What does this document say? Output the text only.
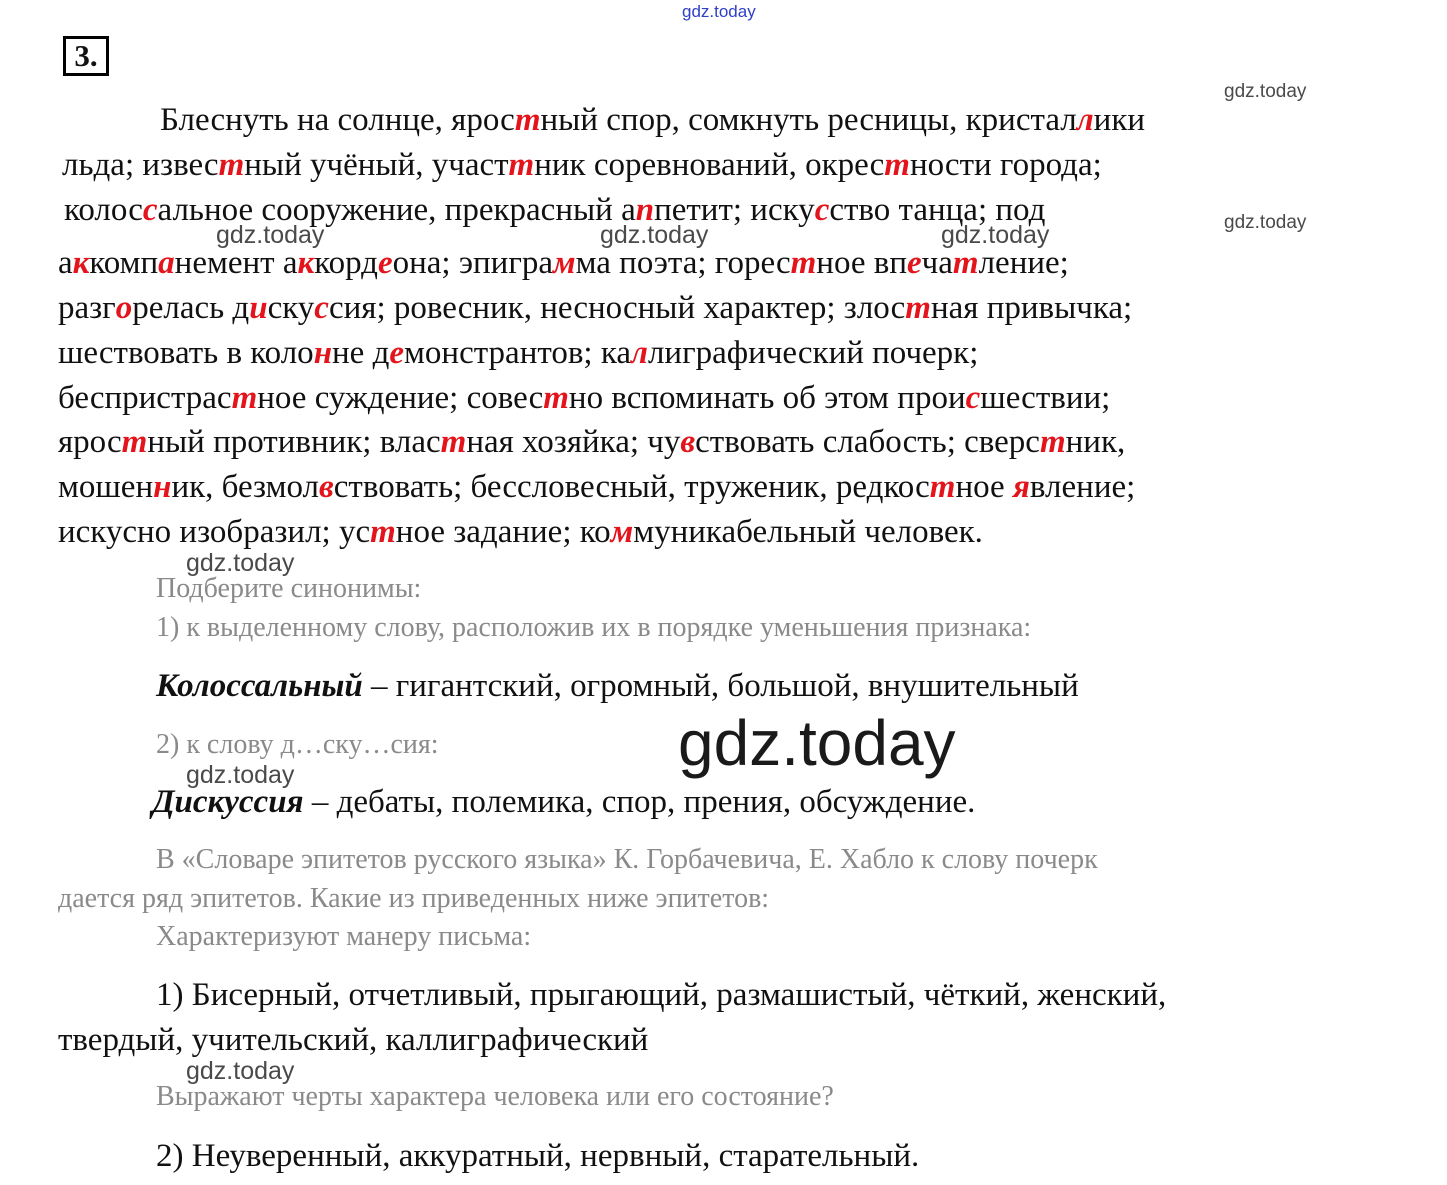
gdz.today
gdz.today
gdz.today
gdz.today	gdz.today	gdz.today
gdz.today
gdz.today
gdz.today
gdz.today
3.
Блеснуть на солнце, яростный спор, сомкнуть ресницы, кристаллики
льда; известный учёный, участтник соревнований, окрестности города;
колоссальное сооружение, прекрасный аппетит; искусство танца; под
аккомпанемент аккордеона; эпиграмма поэта; горестное впечатление;
разгорелась дискуссия; ровесник, несносный характер; злостная привычка;
шествовать в колонне демонстрантов; каллиграфический почерк;
беспристрастное суждение; совестно вспоминать об этом происшествии;
яростный противник; властная хозяйка; чувствовать слабость; сверстник,
мошенник, безмолвствовать; бессловесный, труженик, редкостное явление;
искусно изобразил; устное задание; коммуникабельный человек.
Подберите синонимы:
1) к выделенному слову, расположив их в порядке уменьшения признака:
Колоссальный – гигантский, огромный, большой, внушительный
2) к слову д…ску…сия:
Дискуссия – дебаты, полемика, спор, прения, обсуждение.
В «Словаре эпитетов русского языка» К. Горбачевича, Е. Хабло к слову почерк
дается ряд эпитетов. Какие из приведенных ниже эпитетов:
Характеризуют манеру письма:
1) Бисерный, отчетливый, прыгающий, размашистый, чёткий, женский,
твердый, учительский, каллиграфический
Выражают черты характера человека или его состояние?
2) Неуверенный, аккуратный, нервный, старательный.
